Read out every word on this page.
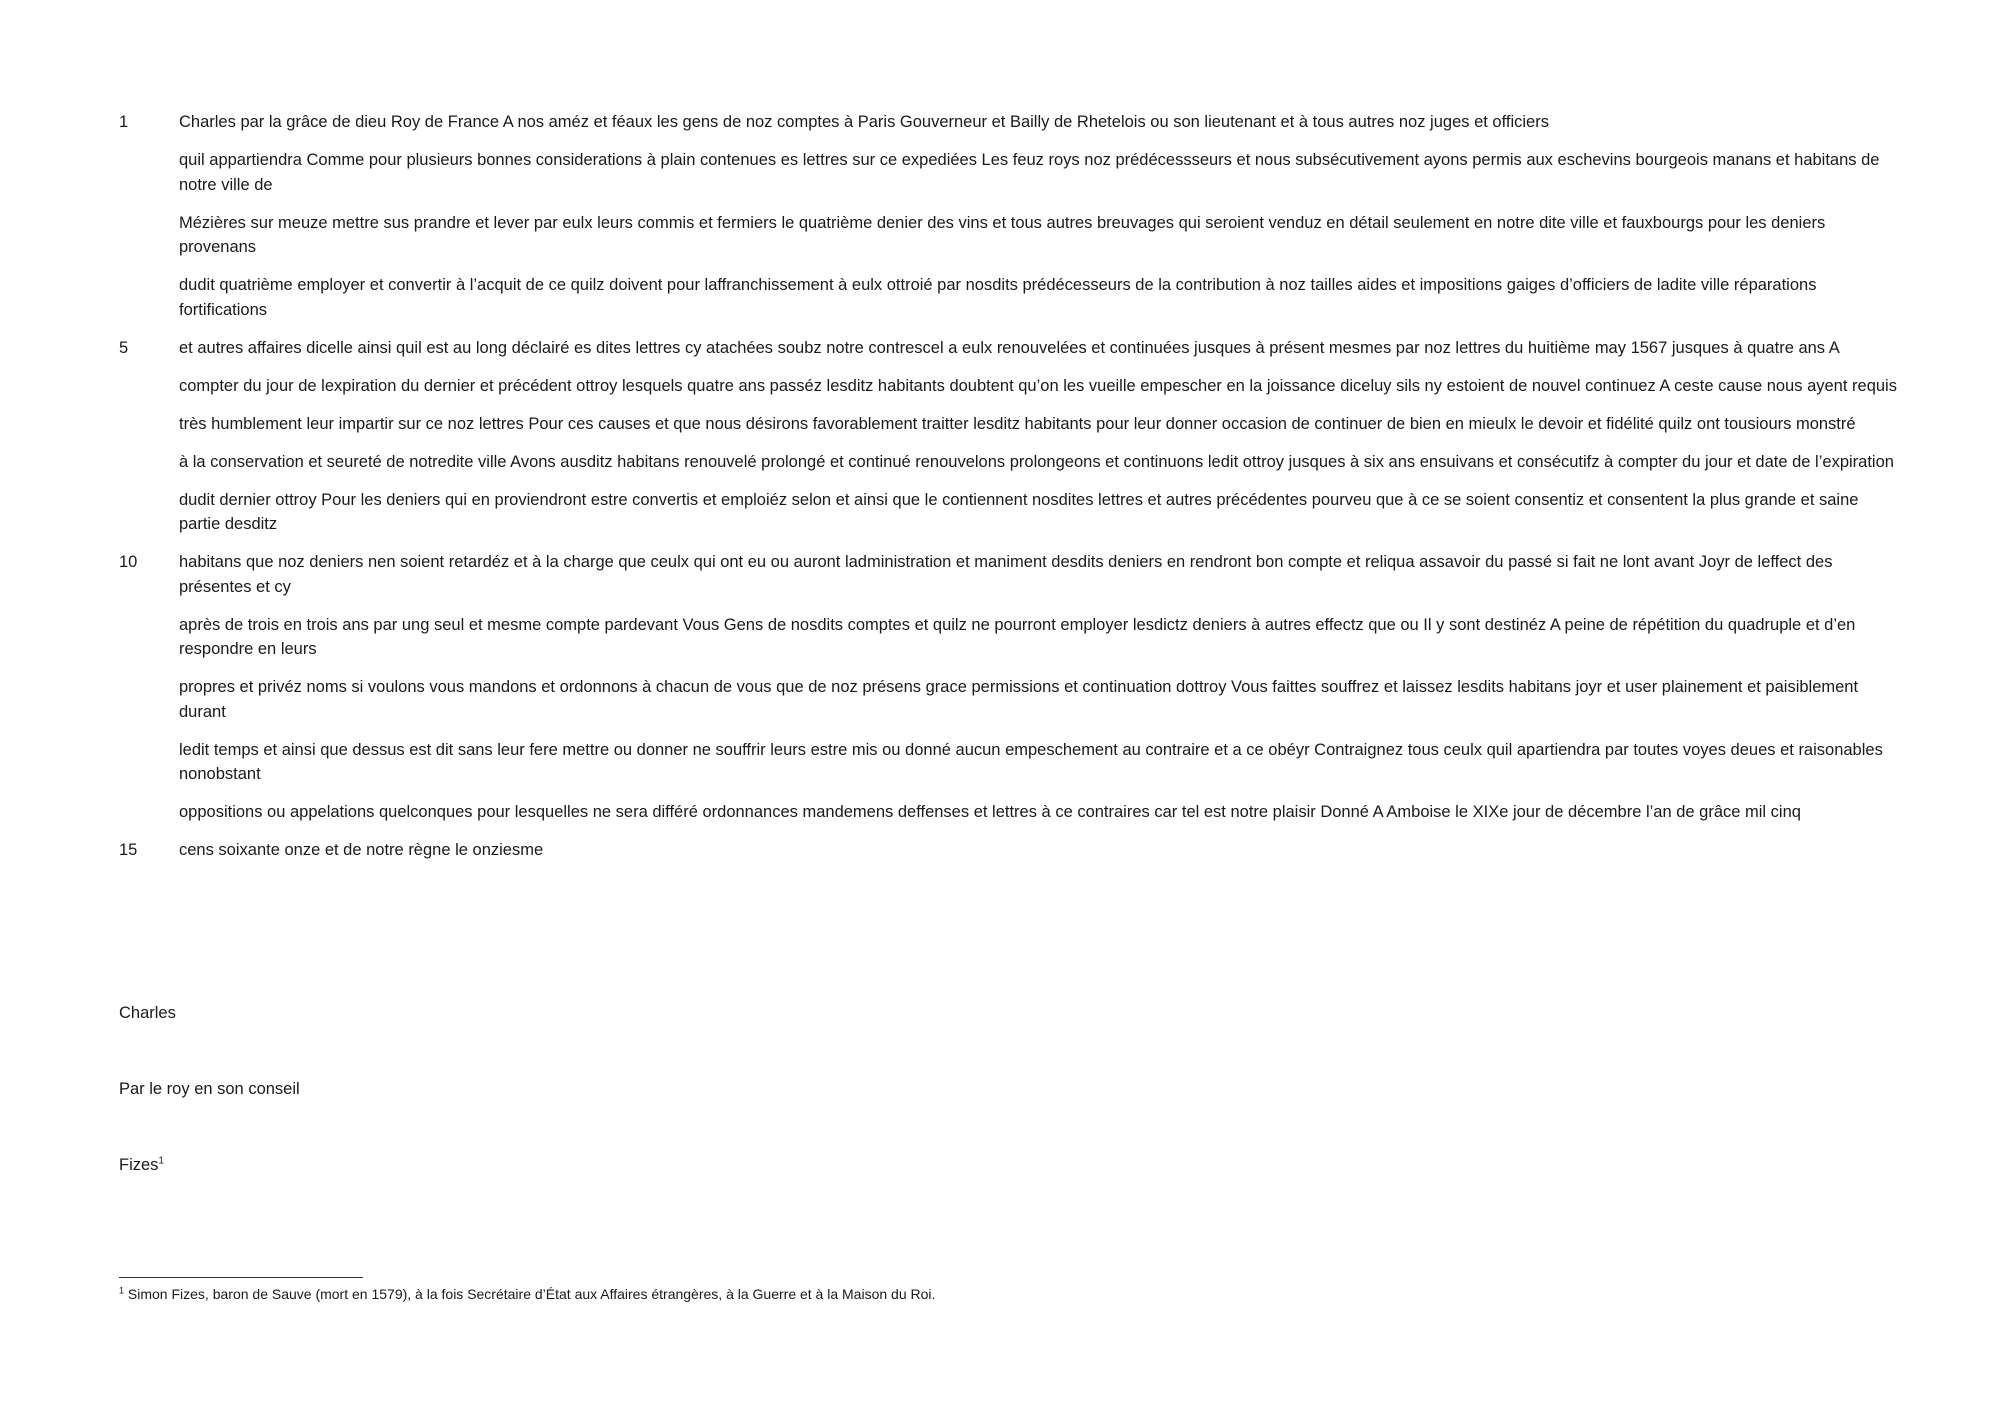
1	Charles par la grâce de dieu Roy de France A nos améz et féaux les gens de noz comptes à Paris Gouverneur et Bailly de Rhetelois ou son lieutenant et à tous autres noz juges et officiers
quil appartiendra Comme pour plusieurs bonnes considerations à plain contenues es lettres sur ce expediées Les feuz roys noz prédécessseurs et nous subsécutivement ayons permis aux eschevins bourgeois manans et habitans de notre ville de
Mézières sur meuze mettre sus prandre et lever par eulx leurs commis et fermiers le quatrième denier des vins et tous autres breuvages qui seroient venduz en détail seulement en notre dite ville et fauxbourgs pour les deniers provenans
dudit quatrième employer et convertir à l’acquit de ce quilz doivent pour laffranchissement à eulx ottroié par nosdits prédécesseurs de la contribution à noz tailles aides et impositions gaiges d’officiers de ladite ville réparations fortifications
5	et autres affaires dicelle ainsi quil est au long déclairé es dites lettres cy atachées soubz notre contrescel a eulx renouvelées et continuées jusques à présent mesmes par noz lettres du huitième may 1567 jusques à quatre ans A
compter du jour de lexpiration du dernier et précédent ottroy lesquels quatre ans passéz lesditz habitants doubtent qu’on les vueille empescher en la joissance diceluy sils ny estoient de nouvel continuez A ceste cause nous ayent requis
très humblement leur impartir sur ce noz lettres Pour ces causes et que nous désirons favorablement traitter lesditz habitants pour leur donner occasion de continuer de bien en mieulx le devoir et fidélité quilz ont tousiours monstré
à la conservation et seureté de notredite ville Avons ausditz habitans renouvelé prolongé et continué renouvelons prolongeons et continuons ledit ottroy jusques à six ans ensuivans et consécutifz à compter du jour et date de l’expiration
dudit dernier ottroy Pour les deniers qui en proviendront estre convertis et emploiéz selon et ainsi que le contiennent nosdites lettres et autres précédentes pourveu que à ce se soient consentiz et consentent la plus grande et saine partie desditz
10	habitans que noz deniers nen soient retardéz et à la charge que ceulx qui ont eu ou auront ladministration et maniment desdits deniers en rendront bon compte et reliqua assavoir du passé si fait ne lont avant Joyr de leffect des présentes et cy
après de trois en trois ans par ung seul et mesme compte pardevant Vous Gens de nosdits comptes et quilz ne pourront employer lesdictz deniers à autres effectz que ou Il y sont destinéz A peine de répétition du quadruple et d’en respondre en leurs
propres et privéz noms si voulons vous mandons et ordonnons à chacun de vous que de noz présens grace permissions et continuation dottroy Vous faittes souffrez et laissez lesdits habitans joyr et user plainement et paisiblement durant
ledit temps et ainsi que dessus est dit sans leur fere mettre ou donner ne souffrir leurs estre mis ou donné aucun empeschement au contraire et a ce obéyr Contraignez tous ceulx quil apartiendra par toutes voyes deues et raisonables nonobstant
oppositions ou appelations quelconques pour lesquelles ne sera différé ordonnances mandemens deffenses et lettres à ce contraires car tel est notre plaisir Donné A Amboise le XIXe jour de décembre l’an de grâce mil cinq
15	cens soixante onze et de notre règne le onziesme
Charles
Par le roy en son conseil
Fizes$^1$
$^1$ Simon Fizes, baron de Sauve (mort en 1579), à la fois Secrétaire d’État aux Affaires étrangères, à la Guerre et à la Maison du Roi.
